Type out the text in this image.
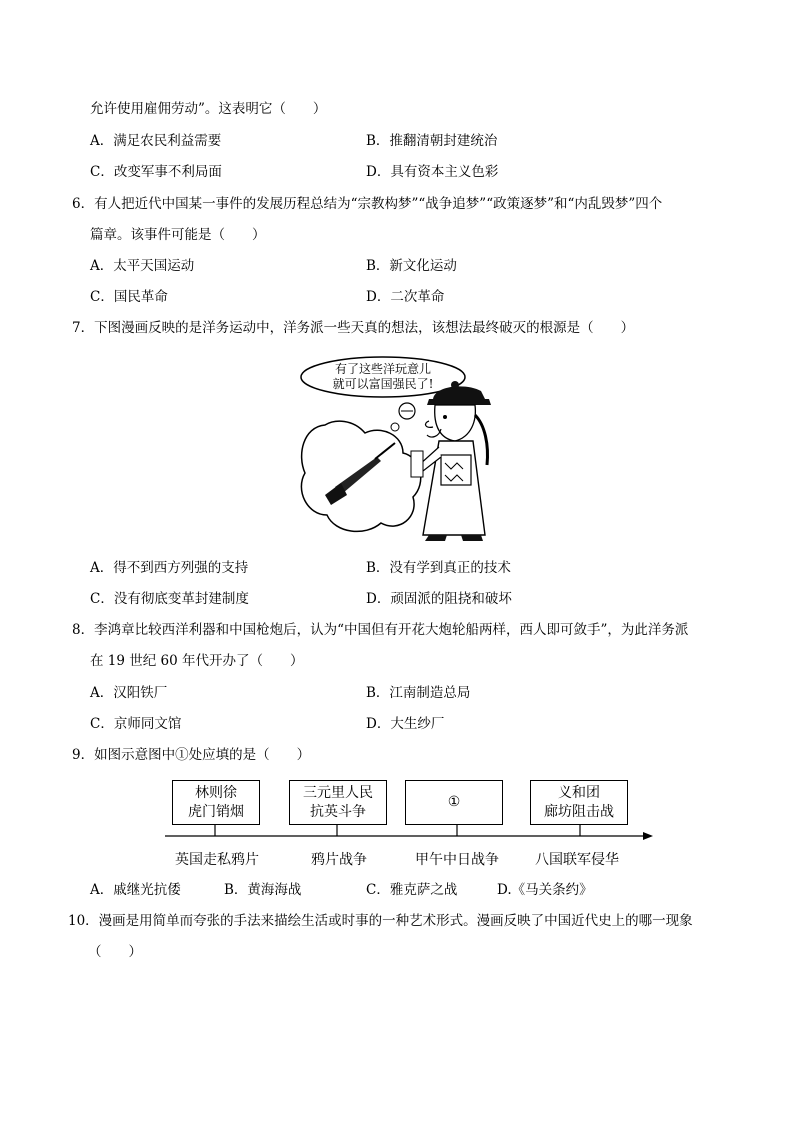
允许使用雇佣劳动”。这表明它（　　）
A．满足农民利益需要	B．推翻清朝封建统治
C．改变军事不利局面	D．具有资本主义色彩
6．有人把近代中国某一事件的发展历程总结为“宗教构梦”“战争追梦”“政策逐梦”和“内乱毁梦”四个
篇章。该事件可能是（　　）
A．太平天国运动	B．新文化运动
C．国民革命	D．二次革命
7．下图漫画反映的是洋务运动中，洋务派一些天真的想法，该想法最终破灭的根源是（　　）
有了这些洋玩意儿
就可以富国强民了!
A．得不到西方列强的支持	B．没有学到真正的技术
C．没有彻底变革封建制度	D．顽固派的阻挠和破坏
8．李鸿章比较西洋利器和中国枪炮后，认为“中国但有开花大炮轮船两样，西人即可敛手”，为此洋务派
在 19 世纪 60 年代开办了（　　）
A．汉阳铁厂	B．江南制造总局
C．京师同文馆	D．大生纱厂
9．如图示意图中①处应填的是（　　）
林则徐
虎门销烟
三元里人民
抗英斗争
①
义和团
廊坊阻击战
英国走私鸦片	鸦片战争	甲午中日战争	八国联军侵华
A．戚继光抗倭	B．黄海海战	C．雅克萨之战	D.《马关条约》
10．漫画是用简单而夸张的手法来描绘生活或时事的一种艺术形式。漫画反映了中国近代史上的哪一现象
（　　）
